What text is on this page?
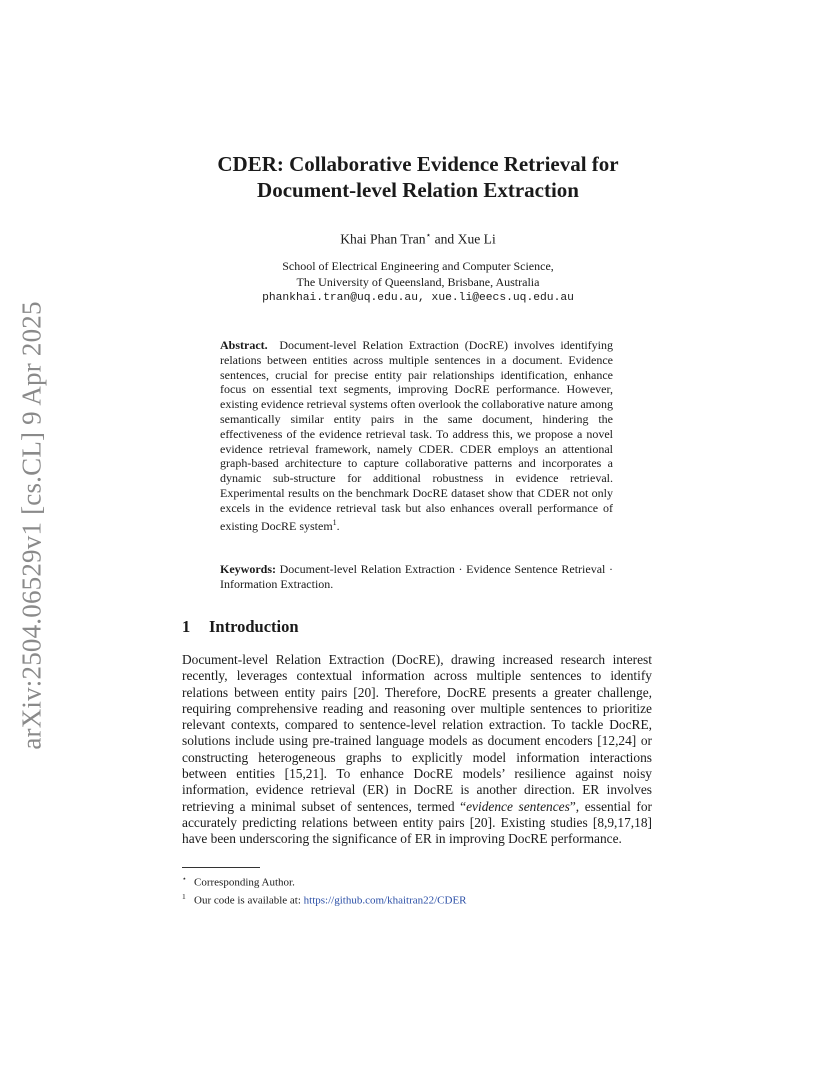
arXiv:2504.06529v1 [cs.CL] 9 Apr 2025
CDER: Collaborative Evidence Retrieval for
Document-level Relation Extraction
Khai Phan Tran⋆ and Xue Li
School of Electrical Engineering and Computer Science,
The University of Queensland, Brisbane, Australia
phankhai.tran@uq.edu.au, xue.li@eecs.uq.edu.au
Abstract. Document-level Relation Extraction (DocRE) involves identifying relations between entities across multiple sentences in a document. Evidence sentences, crucial for precise entity pair relationships identification, enhance focus on essential text segments, improving DocRE performance. However, existing evidence retrieval systems often overlook the collaborative nature among semantically similar entity pairs in the same document, hindering the effectiveness of the evidence retrieval task. To address this, we propose a novel evidence retrieval framework, namely CDER. CDER employs an attentional graph-based architecture to capture collaborative patterns and incorporates a dynamic sub-structure for additional robustness in evidence retrieval. Experimental results on the benchmark DocRE dataset show that CDER not only excels in the evidence retrieval task but also enhances overall performance of existing DocRE system$^1$.
Keywords: Document-level Relation Extraction · Evidence Sentence Retrieval · Information Extraction.
1 Introduction
Document-level Relation Extraction (DocRE), drawing increased research interest recently, leverages contextual information across multiple sentences to identify relations between entity pairs [20]. Therefore, DocRE presents a greater challenge, requiring comprehensive reading and reasoning over multiple sentences to prioritize relevant contexts, compared to sentence-level relation extraction. To tackle DocRE, solutions include using pre-trained language models as document encoders [12,24] or constructing heterogeneous graphs to explicitly model information interactions between entities [15,21]. To enhance DocRE models’ resilience against noisy information, evidence retrieval (ER) in DocRE is another direction. ER involves retrieving a minimal subset of sentences, termed “evidence sentences”, essential for accurately predicting relations between entity pairs [20]. Existing studies [8,9,17,18] have been underscoring the significance of ER in improving DocRE performance.
⋆ Corresponding Author.
$^1$ Our code is available at: https://github.com/khaitran22/CDER
